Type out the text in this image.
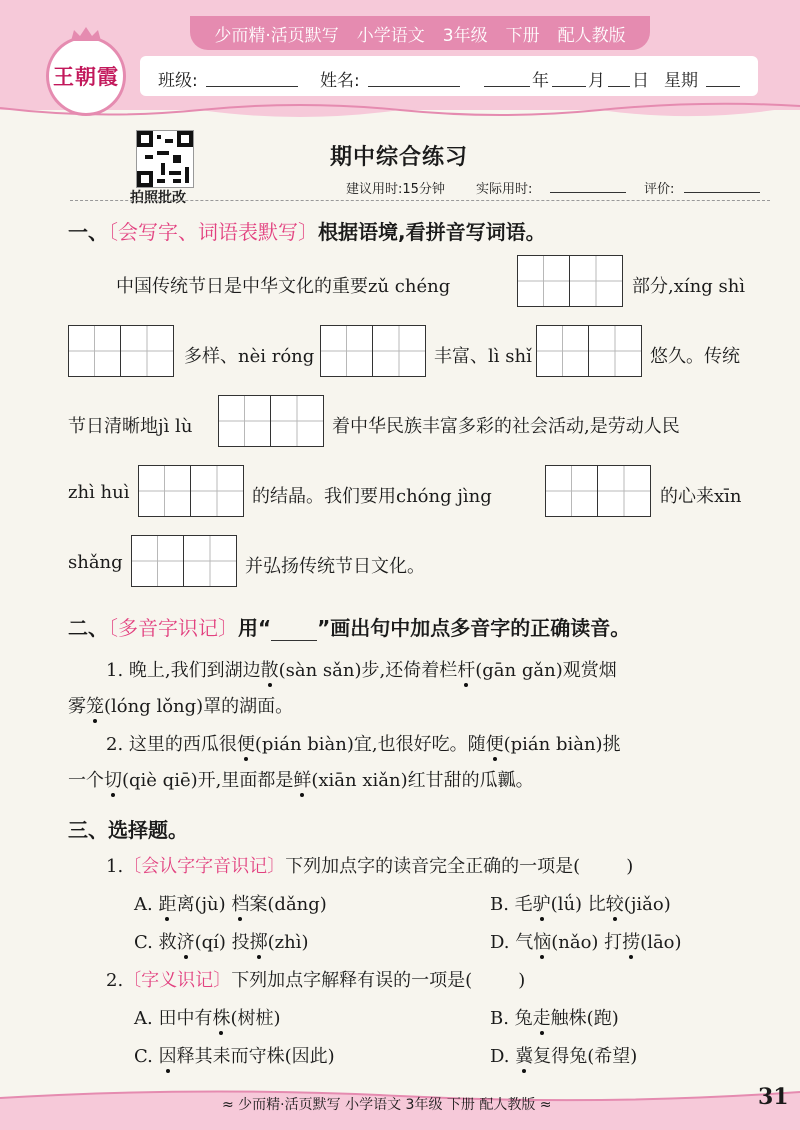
少而精·活页默写 小学语文 3年级 下册 配人教版
王朝霞 班级:	姓名:	年 月 日 星期
拍照批改
期中综合练习
建议用时:15分钟 实际用时:	评价:
一、〔会写字、词语表默写〕根据语境,看拼音写词语。
中国传统节日是中华文化的重要zǔ chéng	部分,xíng shì
多样、nèi róng	丰富、lì shǐ	悠久。传统
节日清晰地jì lù	着中华民族丰富多彩的社会活动,是劳动人民
zhì huì	的结晶。我们要用chóng jìng	的心来xīn
shǎng	并弘扬传统节日文化。
二、〔多音字识记〕用“ ”画出句中加点多音字的正确读音。
1. 晚上,我们到湖边散(sàn sǎn)步,还倚着栏杆(gān gǎn)观赏烟
雾笼(lóng lǒng)罩的湖面。
2. 这里的西瓜很便(pián biàn)宜,也很好吃。随便(pián biàn)挑
一个切(qiè qiē)开,里面都是鲜(xiān xiǎn)红甘甜的瓜瓤。
三、选择题。
1.〔会认字字音识记〕下列加点字的读音完全正确的一项是(	)
A. 距离(jù) 档案(dǎng)	B. 毛驴(lǘ) 比较(jiǎo)
C. 救济(qí) 投掷(zhì)	D. 气恼(nǎo) 打捞(lāo)
2.〔字义识记〕下列加点字解释有误的一项是(	)
A. 田中有株(树桩)	B. 兔走触株(跑)
C. 因释其耒而守株(因此)	D. 冀复得兔(希望)
≈ 少而精·活页默写 小学语文 3年级 下册 配人教版 ≈	31
